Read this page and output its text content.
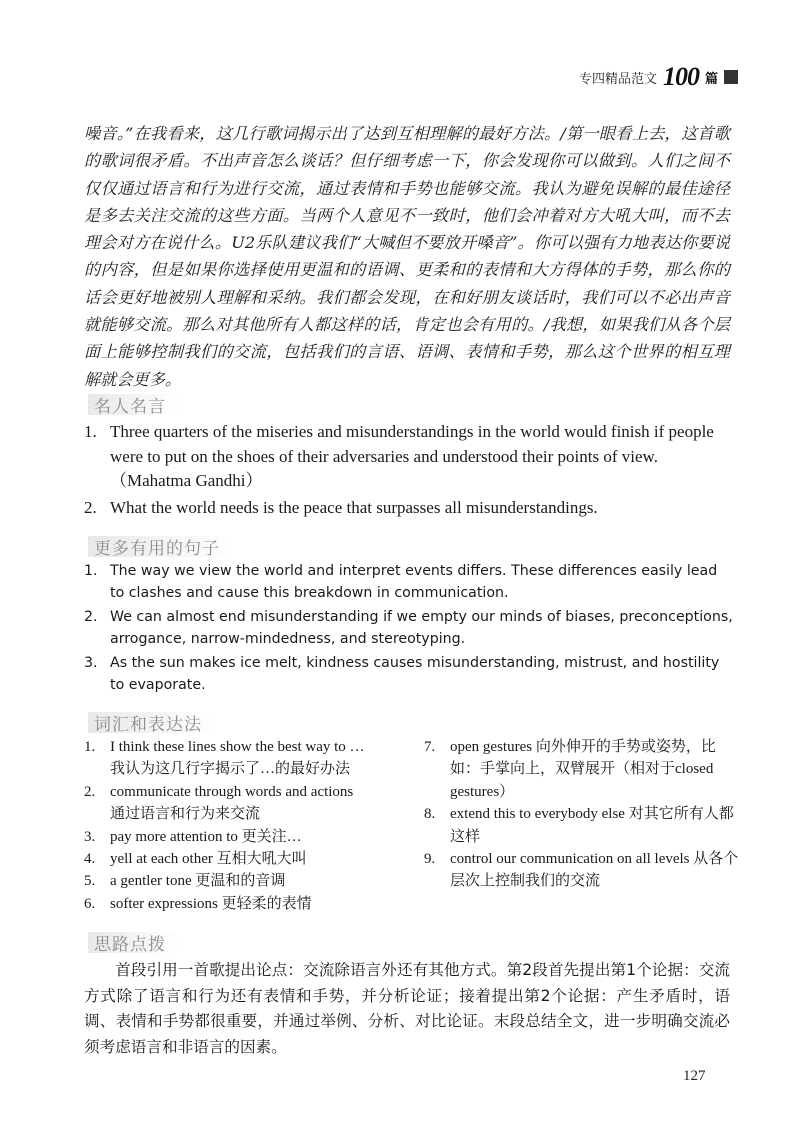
专四精品范文 100 篇

噪音。”在我看来，这几行歌词揭示出了达到互相理解的最好方法。/第一眼看上去，这首歌的歌词很矛盾。不出声音怎么谈话？但仔细考虑一下，你会发现你可以做到。人们之间不仅仅通过语言和行为进行交流，通过表情和手势也能够交流。我认为避免误解的最佳途径是多去关注交流的这些方面。当两个人意见不一致时，他们会冲着对方大吼大叫，而不去理会对方在说什么。U2乐队建议我们“大喊但不要放开嗓音”。你可以强有力地表达你要说的内容，但是如果你选择使用更温和的语调、更柔和的表情和大方得体的手势，那么你的话会更好地被别人理解和采纳。我们都会发现，在和好朋友谈话时，我们可以不必出声音就能够交流。那么对其他所有人都这样的话，肯定也会有用的。/我想，如果我们从各个层面上能够控制我们的交流，包括我们的言语、语调、表情和手势，那么这个世界的相互理解就会更多。

名人名言
1. Three quarters of the miseries and misunderstandings in the world would finish if people were to put on the shoes of their adversaries and understood their points of view.（Mahatma Gandhi）
2. What the world needs is the peace that surpasses all misunderstandings.
更多有用的句子
1. The way we view the world and interpret events differs. These differences easily lead to clashes and cause this breakdown in communication.
2. We can almost end misunderstanding if we empty our minds of biases, preconceptions, arrogance, narrow-mindedness, and stereotyping.
3. As the sun makes ice melt, kindness causes misunderstanding, mistrust, and hostility to evaporate.
词汇和表达法
1. I think these lines show the best way to …
我认为这几行字揭示了…的最好办法
2. communicate through words and actions
通过语言和行为来交流
3. pay more attention to 更关注…
4. yell at each other 互相大吼大叫
5. a gentler tone 更温和的音调
6. softer expressions 更轻柔的表情
7. open gestures 向外伸开的手势或姿势，比如：手掌向上，双臂展开（相对于closed gestures）
8. extend this to everybody else 对其它所有人都这样
9. control our communication on all levels 从各个层次上控制我们的交流
思路点拨

首段引用一首歌提出论点：交流除语言外还有其他方式。第2段首先提出第1个论据：交流方式除了语言和行为还有表情和手势，并分析论证；接着提出第2个论据：产生矛盾时，语调、表情和手势都很重要，并通过举例、分析、对比论证。末段总结全文，进一步明确交流必须考虑语言和非语言的因素。

127
